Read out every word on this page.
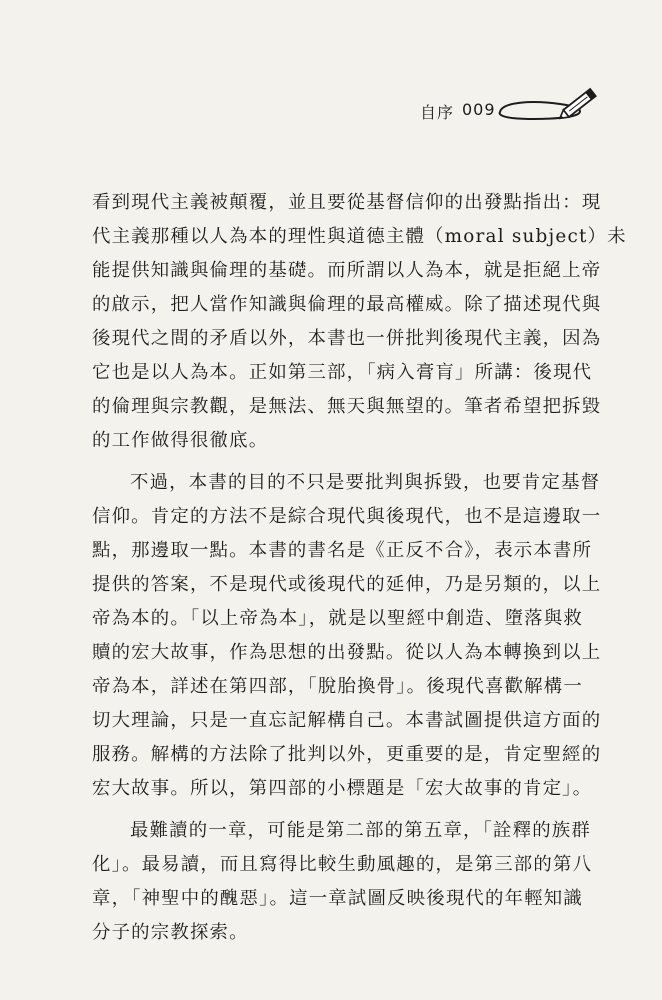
自序 009

看到現代主義被顛覆，並且要從基督信仰的出發點指出：現
代主義那種以人為本的理性與道德主體（moral subject）未
能提供知識與倫理的基礎。而所謂以人為本，就是拒絕上帝
的啟示，把人當作知識與倫理的最高權威。除了描述現代與
後現代之間的矛盾以外，本書也一併批判後現代主義，因為
它也是以人為本。正如第三部，「病入膏肓」所講：後現代
的倫理與宗教觀，是無法、無天與無望的。筆者希望把拆毀
的工作做得很徹底。

不過，本書的目的不只是要批判與拆毀，也要肯定基督
信仰。肯定的方法不是綜合現代與後現代，也不是這邊取一
點，那邊取一點。本書的書名是《正反不合》，表示本書所
提供的答案，不是現代或後現代的延伸，乃是另類的，以上
帝為本的。「以上帝為本」，就是以聖經中創造、墮落與救
贖的宏大故事，作為思想的出發點。從以人為本轉換到以上
帝為本，詳述在第四部，「脫胎換骨」。後現代喜歡解構一
切大理論，只是一直忘記解構自己。本書試圖提供這方面的
服務。解構的方法除了批判以外，更重要的是，肯定聖經的
宏大故事。所以，第四部的小標題是「宏大故事的肯定」。

最難讀的一章，可能是第二部的第五章，「詮釋的族群
化」。最易讀，而且寫得比較生動風趣的，是第三部的第八
章，「神聖中的醜惡」。這一章試圖反映後現代的年輕知識
分子的宗教探索。
